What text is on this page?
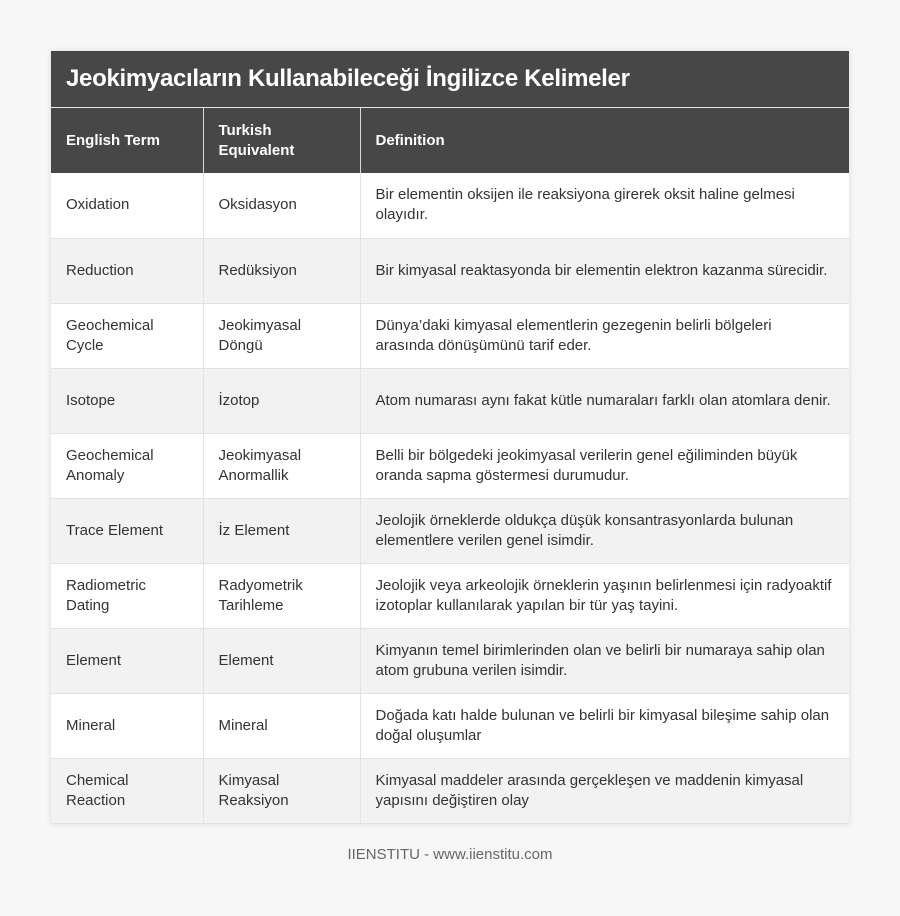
Jeokimyacıların Kullanabileceği İngilizce Kelimeler
English Term	Turkish Equivalent	Definition
Oxidation	Oksidasyon	Bir elementin oksijen ile reaksiyona girerek oksit haline gelmesi olayıdır.
Reduction	Redüksiyon	Bir kimyasal reaktasyonda bir elementin elektron kazanma sürecidir.
Geochemical Cycle	Jeokimyasal Döngü	Dünya’daki kimyasal elementlerin gezegenin belirli bölgeleri arasında dönüşümünü tarif eder.
Isotope	İzotop	Atom numarası aynı fakat kütle numaraları farklı olan atomlara denir.
Geochemical Anomaly	Jeokimyasal Anormallik	Belli bir bölgedeki jeokimyasal verilerin genel eğiliminden büyük oranda sapma göstermesi durumudur.
Trace Element	İz Element	Jeolojik örneklerde oldukça düşük konsantrasyonlarda bulunan elementlere verilen genel isimdir.
Radiometric Dating	Radyometrik Tarihleme	Jeolojik veya arkeolojik örneklerin yaşının belirlenmesi için radyoaktif izotoplar kullanılarak yapılan bir tür yaş tayini.
Element	Element	Kimyanın temel birimlerinden olan ve belirli bir numaraya sahip olan atom grubuna verilen isimdir.
Mineral	Mineral	Doğada katı halde bulunan ve belirli bir kimyasal bileşime sahip olan doğal oluşumlar
Chemical Reaction	Kimyasal Reaksiyon	Kimyasal maddeler arasında gerçekleşen ve maddenin kimyasal yapısını değiştiren olay
IIENSTITU - www.iienstitu.com
